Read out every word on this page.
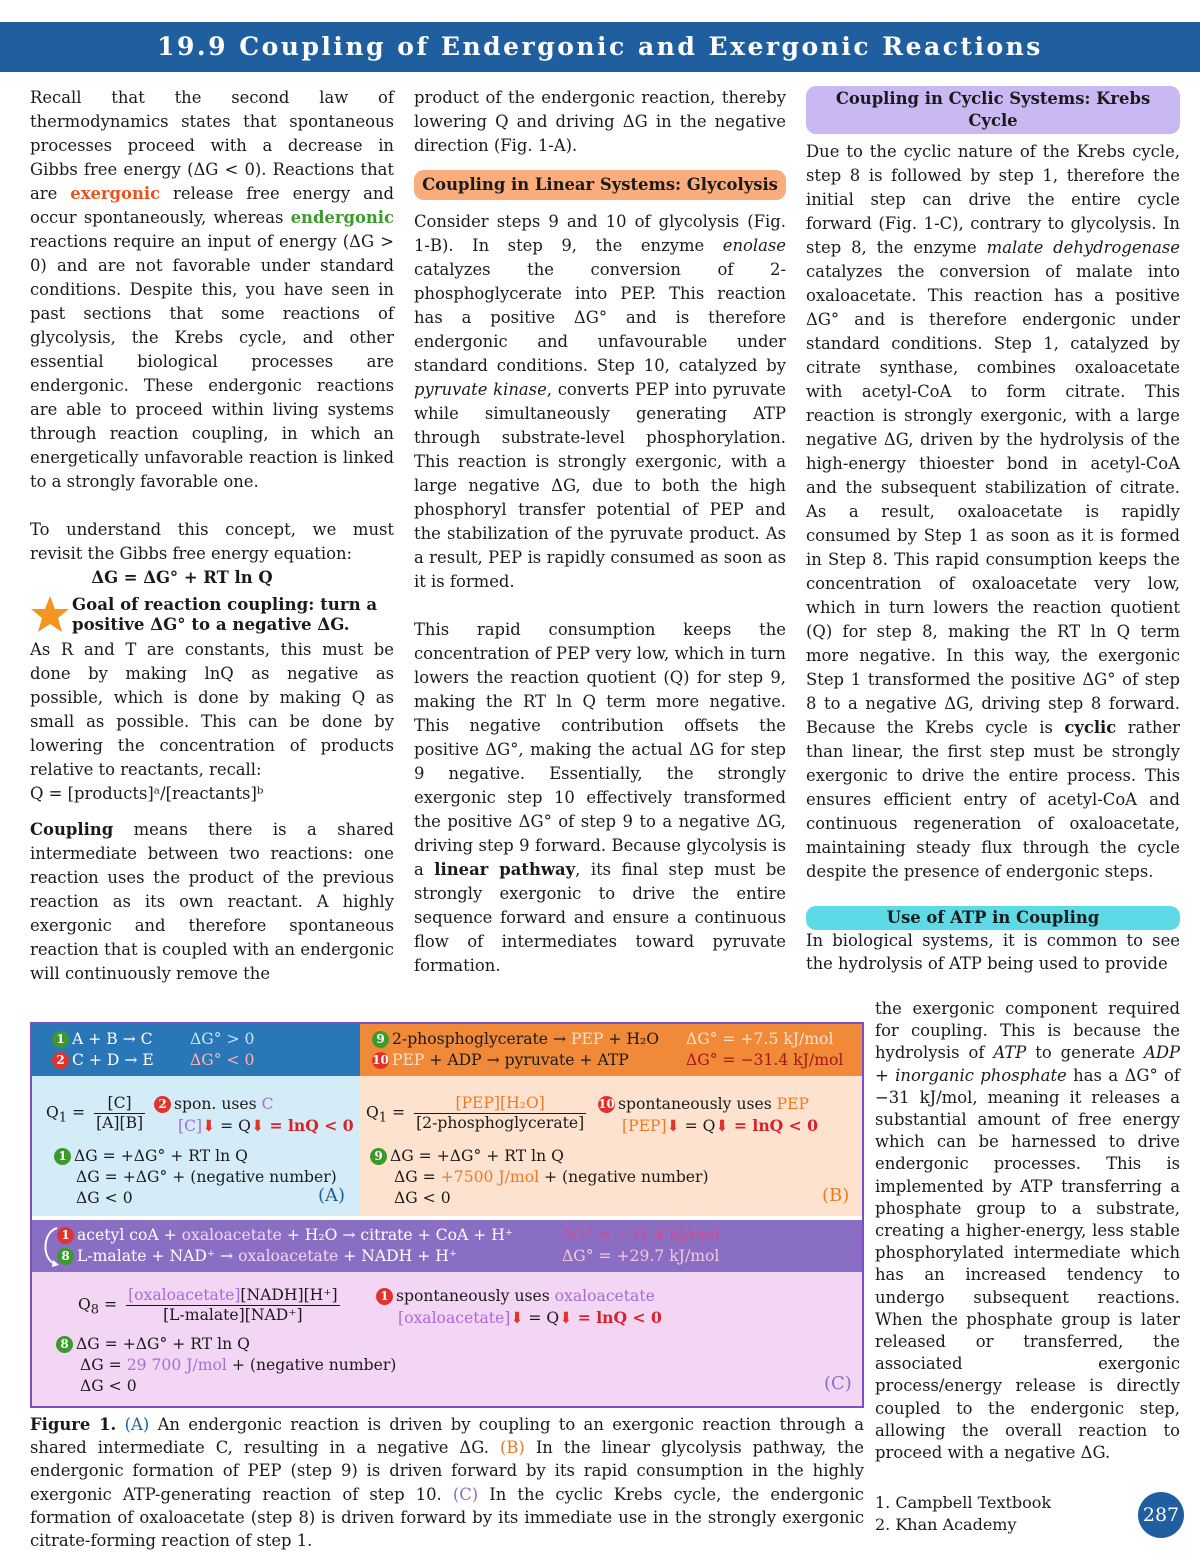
19.9 Coupling of Endergonic and Exergonic Reactions

Recall that the second law of thermodynamics states that spontaneous processes proceed with a decrease in Gibbs free energy (ΔG < 0). Reactions that are exergonic release free energy and occur spontaneously, whereas endergonic reactions require an input of energy (ΔG > 0) and are not favorable under standard conditions. Despite this, you have seen in past sections that some reactions of glycolysis, the Krebs cycle, and other essential biological processes are endergonic. These endergonic reactions are able to proceed within living systems through reaction coupling, in which an energetically unfavorable reaction is linked to a strongly favorable one.

To understand this concept, we must revisit the Gibbs free energy equation:

ΔG = ΔG° + RT ln Q

Goal of reaction coupling: turn a positive ΔG° to a negative ΔG.

As R and T are constants, this must be done by making lnQ as negative as possible, which is done by making Q as small as possible. This can be done by lowering the concentration of products relative to reactants, recall:

Q = [products]ᵃ/[reactants]ᵇ

Coupling means there is a shared intermediate between two reactions: one reaction uses the product of the previous reaction as its own reactant. A highly exergonic and therefore spontaneous reaction that is coupled with an endergonic will continuously remove the

product of the endergonic reaction, thereby lowering Q and driving ΔG in the negative direction (Fig. 1-A).

Coupling in Linear Systems: Glycolysis

Consider steps 9 and 10 of glycolysis (Fig. 1-B). In step 9, the enzyme enolase catalyzes the conversion of 2-phosphoglycerate into PEP. This reaction has a positive ΔG° and is therefore endergonic and unfavourable under standard conditions. Step 10, catalyzed by pyruvate kinase, converts PEP into pyruvate while simultaneously generating ATP through substrate-level phosphorylation. This reaction is strongly exergonic, with a large negative ΔG, due to both the high phosphoryl transfer potential of PEP and the stabilization of the pyruvate product. As a result, PEP is rapidly consumed as soon as it is formed.

This rapid consumption keeps the concentration of PEP very low, which in turn lowers the reaction quotient (Q) for step 9, making the RT ln Q term more negative. This negative contribution offsets the positive ΔG°, making the actual ΔG for step 9 negative. Essentially, the strongly exergonic step 10 effectively transformed the positive ΔG° of step 9 to a negative ΔG, driving step 9 forward. Because glycolysis is a linear pathway, its final step must be strongly exergonic to drive the entire sequence forward and ensure a continuous flow of intermediates toward pyruvate formation.

Coupling in Cyclic Systems: Krebs Cycle

Due to the cyclic nature of the Krebs cycle, step 8 is followed by step 1, therefore the initial step can drive the entire cycle forward (Fig. 1-C), contrary to glycolysis. In step 8, the enzyme malate dehydrogenase catalyzes the conversion of malate into oxaloacetate. This reaction has a positive ΔG° and is therefore endergonic under standard conditions. Step 1, catalyzed by citrate synthase, combines oxaloacetate with acetyl-CoA to form citrate. This reaction is strongly exergonic, with a large negative ΔG, driven by the hydrolysis of the high-energy thioester bond in acetyl-CoA and the subsequent stabilization of citrate. As a result, oxaloacetate is rapidly consumed by Step 1 as soon as it is formed in Step 8. This rapid consumption keeps the concentration of oxaloacetate very low, which in turn lowers the reaction quotient (Q) for step 8, making the RT ln Q term more negative. In this way, the exergonic Step 1 transformed the positive ΔG° of step 8 to a negative ΔG, driving step 8 forward. Because the Krebs cycle is cyclic rather than linear, the first step must be strongly exergonic to drive the entire process. This ensures efficient entry of acetyl-CoA and continuous regeneration of oxaloacetate, maintaining steady flux through the cycle despite the presence of endergonic steps.

Use of ATP in Coupling

In biological systems, it is common to see the hydrolysis of ATP being used to provide

the exergonic component required for coupling. This is because the hydrolysis of ATP to generate ADP + inorganic phosphate has a ΔG° of −31 kJ/mol, meaning it releases a substantial amount of free energy which can be harnessed to drive endergonic processes. This is implemented by ATP transferring a phosphate group to a substrate, creating a higher-energy, less stable phosphorylated intermediate which has an increased tendency to undergo subsequent reactions. When the phosphate group is later released or transferred, the associated exergonic process/energy release is directly coupled to the endergonic step, allowing the overall reaction to proceed with a negative ΔG.
1 A + B → C ΔG° > 0
2 C + D → E ΔG° < 0
$Q_1 = \frac{[C]}{[A][B]}$	2 spon. uses C
[C]⬇ = Q⬇ = lnQ < 0
1 ΔG = +ΔG° + RT ln Q
ΔG = +ΔG° + (negative number)
ΔG < 0	(A)
9 2-phosphoglycerate → PEP + H₂O ΔG° = +7.5 kJ/mol
10 PEP + ADP → pyruvate + ATP	ΔG° = −31.4 kJ/mol
$Q_1 = \frac{\text{[PEP][H₂O]}}{\text{[2-phosphoglycerate]}} 10$ spontaneously uses PEP
[PEP]⬇ = Q⬇ = lnQ < 0
9 ΔG = +ΔG° + RT ln Q
ΔG = +7500 J/mol + (negative number)
ΔG < 0	(B)
1 acetyl coA + oxaloacetate + H₂O → citrate + CoA + H⁺	ΔG° = −31.4 kJ/mol
8 L-malate + NAD⁺ → oxaloacetate + NADH + H⁺	ΔG° = +29.7 kJ/mol
$Q_8 = \frac{\text{[oxaloacetate][NADH][H⁺]}}{\text{[L-malate][NAD⁺]}}$	1 spontaneously uses oxaloacetate
[oxaloacetate]⬇ = Q⬇ = lnQ < 0
8 ΔG = +ΔG° + RT ln Q
ΔG = 29 700 J/mol + (negative number)
ΔG < 0	(C)
Figure 1. (A) An endergonic reaction is driven by coupling to an exergonic reaction through a shared intermediate C, resulting in a negative ΔG. (B) In the linear glycolysis pathway, the endergonic formation of PEP (step 9) is driven forward by its rapid consumption in the highly exergonic ATP-generating reaction of step 10. (C) In the cyclic Krebs cycle, the endergonic formation of oxaloacetate (step 8) is driven forward by its immediate use in the strongly exergonic citrate-forming reaction of step 1.
1. Campbell Textbook
2. Khan Academy	287
